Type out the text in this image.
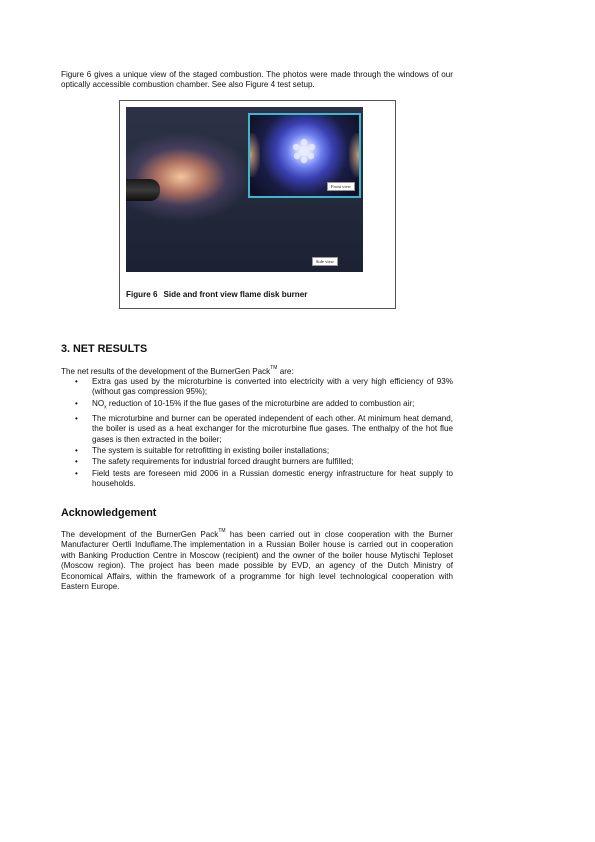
Figure 6 gives a unique view of the staged combustion. The photos were made through the windows of our optically accessible combustion chamber. See also Figure 4 test setup.

Front view
Side view
Figure 6 Side and front view flame disk burner
3. NET RESULTS

The net results of the development of the BurnerGen Pack™ are:

• Extra gas used by the microturbine is converted into electricity with a very high efficiency of 93% (without gas compression 95%);
• $NO_x$ reduction of 10-15% if the flue gases of the microturbine are added to combustion air;
• The microturbine and burner can be operated independent of each other. At minimum heat demand, the boiler is used as a heat exchanger for the microturbine flue gases. The enthalpy of the hot flue gases is then extracted in the boiler;
• The system is suitable for retrofitting in existing boiler installations;
• The safety requirements for industrial forced draught burners are fulfilled;
• Field tests are foreseen mid 2006 in a Russian domestic energy infrastructure for heat supply to households.
Acknowledgement

The development of the BurnerGen Pack™ has been carried out in close cooperation with the Burner Manufacturer Oertli Induflame.The implementation in a Russian Boiler house is carried out in cooperation with Banking Production Centre in Moscow (recipient) and the owner of the boiler house Mytischi Teploset (Moscow region). The project has been made possible by EVD, an agency of the Dutch Ministry of Economical Affairs, within the framework of a programme for high level technological cooperation with Eastern Europe.
